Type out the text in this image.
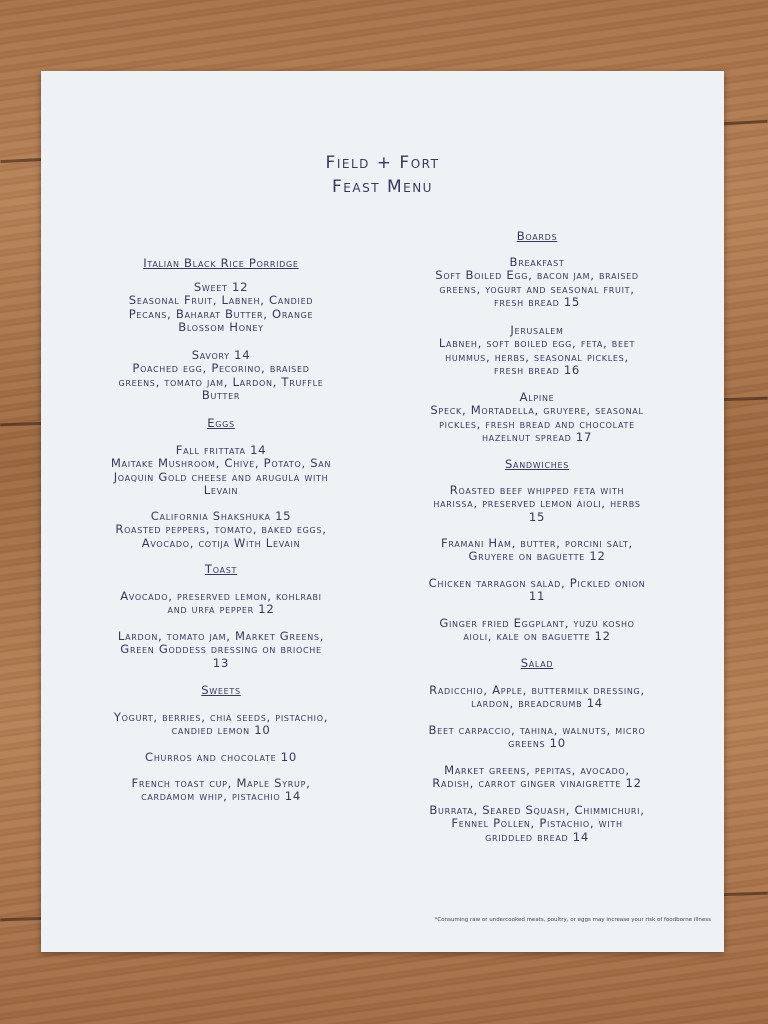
Field + Fort
Feast Menu
Italian Black Rice Porridge
Sweet 12
Seasonal Fruit, Labneh, Candied
Pecans, Baharat Butter, Orange
Blossom Honey
Savory 14
Poached egg, Pecorino, braised
greens, tomato jam, Lardon, Truffle
Butter
Eggs
Fall frittata 14
Maitake Mushroom, Chive, Potato, San
Joaquin Gold cheese and arugula with
Levain
California Shakshuka 15
Roasted peppers, tomato, baked eggs,
Avocado, cotija With Levain
Toast
Avocado, preserved lemon, kohlrabi
and urfa pepper 12
Lardon, tomato jam, Market Greens,
Green Goddess dressing on brioche
13
Sweets
Yogurt, berries, chia seeds, pistachio,
candied lemon 10
Churros and chocolate 10
French toast cup, Maple Syrup,
cardamom whip, pistachio 14
Boards
Breakfast
Soft Boiled Egg, bacon jam, braised
greens, yogurt and seasonal fruit,
fresh bread 15
Jerusalem
Labneh, soft boiled egg, feta, beet
hummus, herbs, seasonal pickles,
fresh bread 16
Alpine
Speck, Mortadella, gruyere, seasonal
pickles, fresh bread and chocolate
hazelnut spread 17
Sandwiches
Roasted beef whipped feta with
harissa, preserved lemon aioli, herbs
15
Framani Ham, butter, porcini salt,
Gruyere on baguette 12
Chicken tarragon salad, Pickled onion
11
Ginger fried Eggplant, yuzu kosho
aioli, kale on baguette 12
Salad
Radicchio, Apple, buttermilk dressing,
lardon, breadcrumb 14
Beet carpaccio, tahina, walnuts, micro
greens 10
Market greens, pepitas, avocado,
Radish, carrot ginger vinaigrette 12
Burrata, Seared Squash, Chimmichuri,
Fennel Pollen, Pistachio, with
griddled bread 14
*Consuming raw or undercooked meats, poultry, or eggs may increase your risk of foodborne illness
